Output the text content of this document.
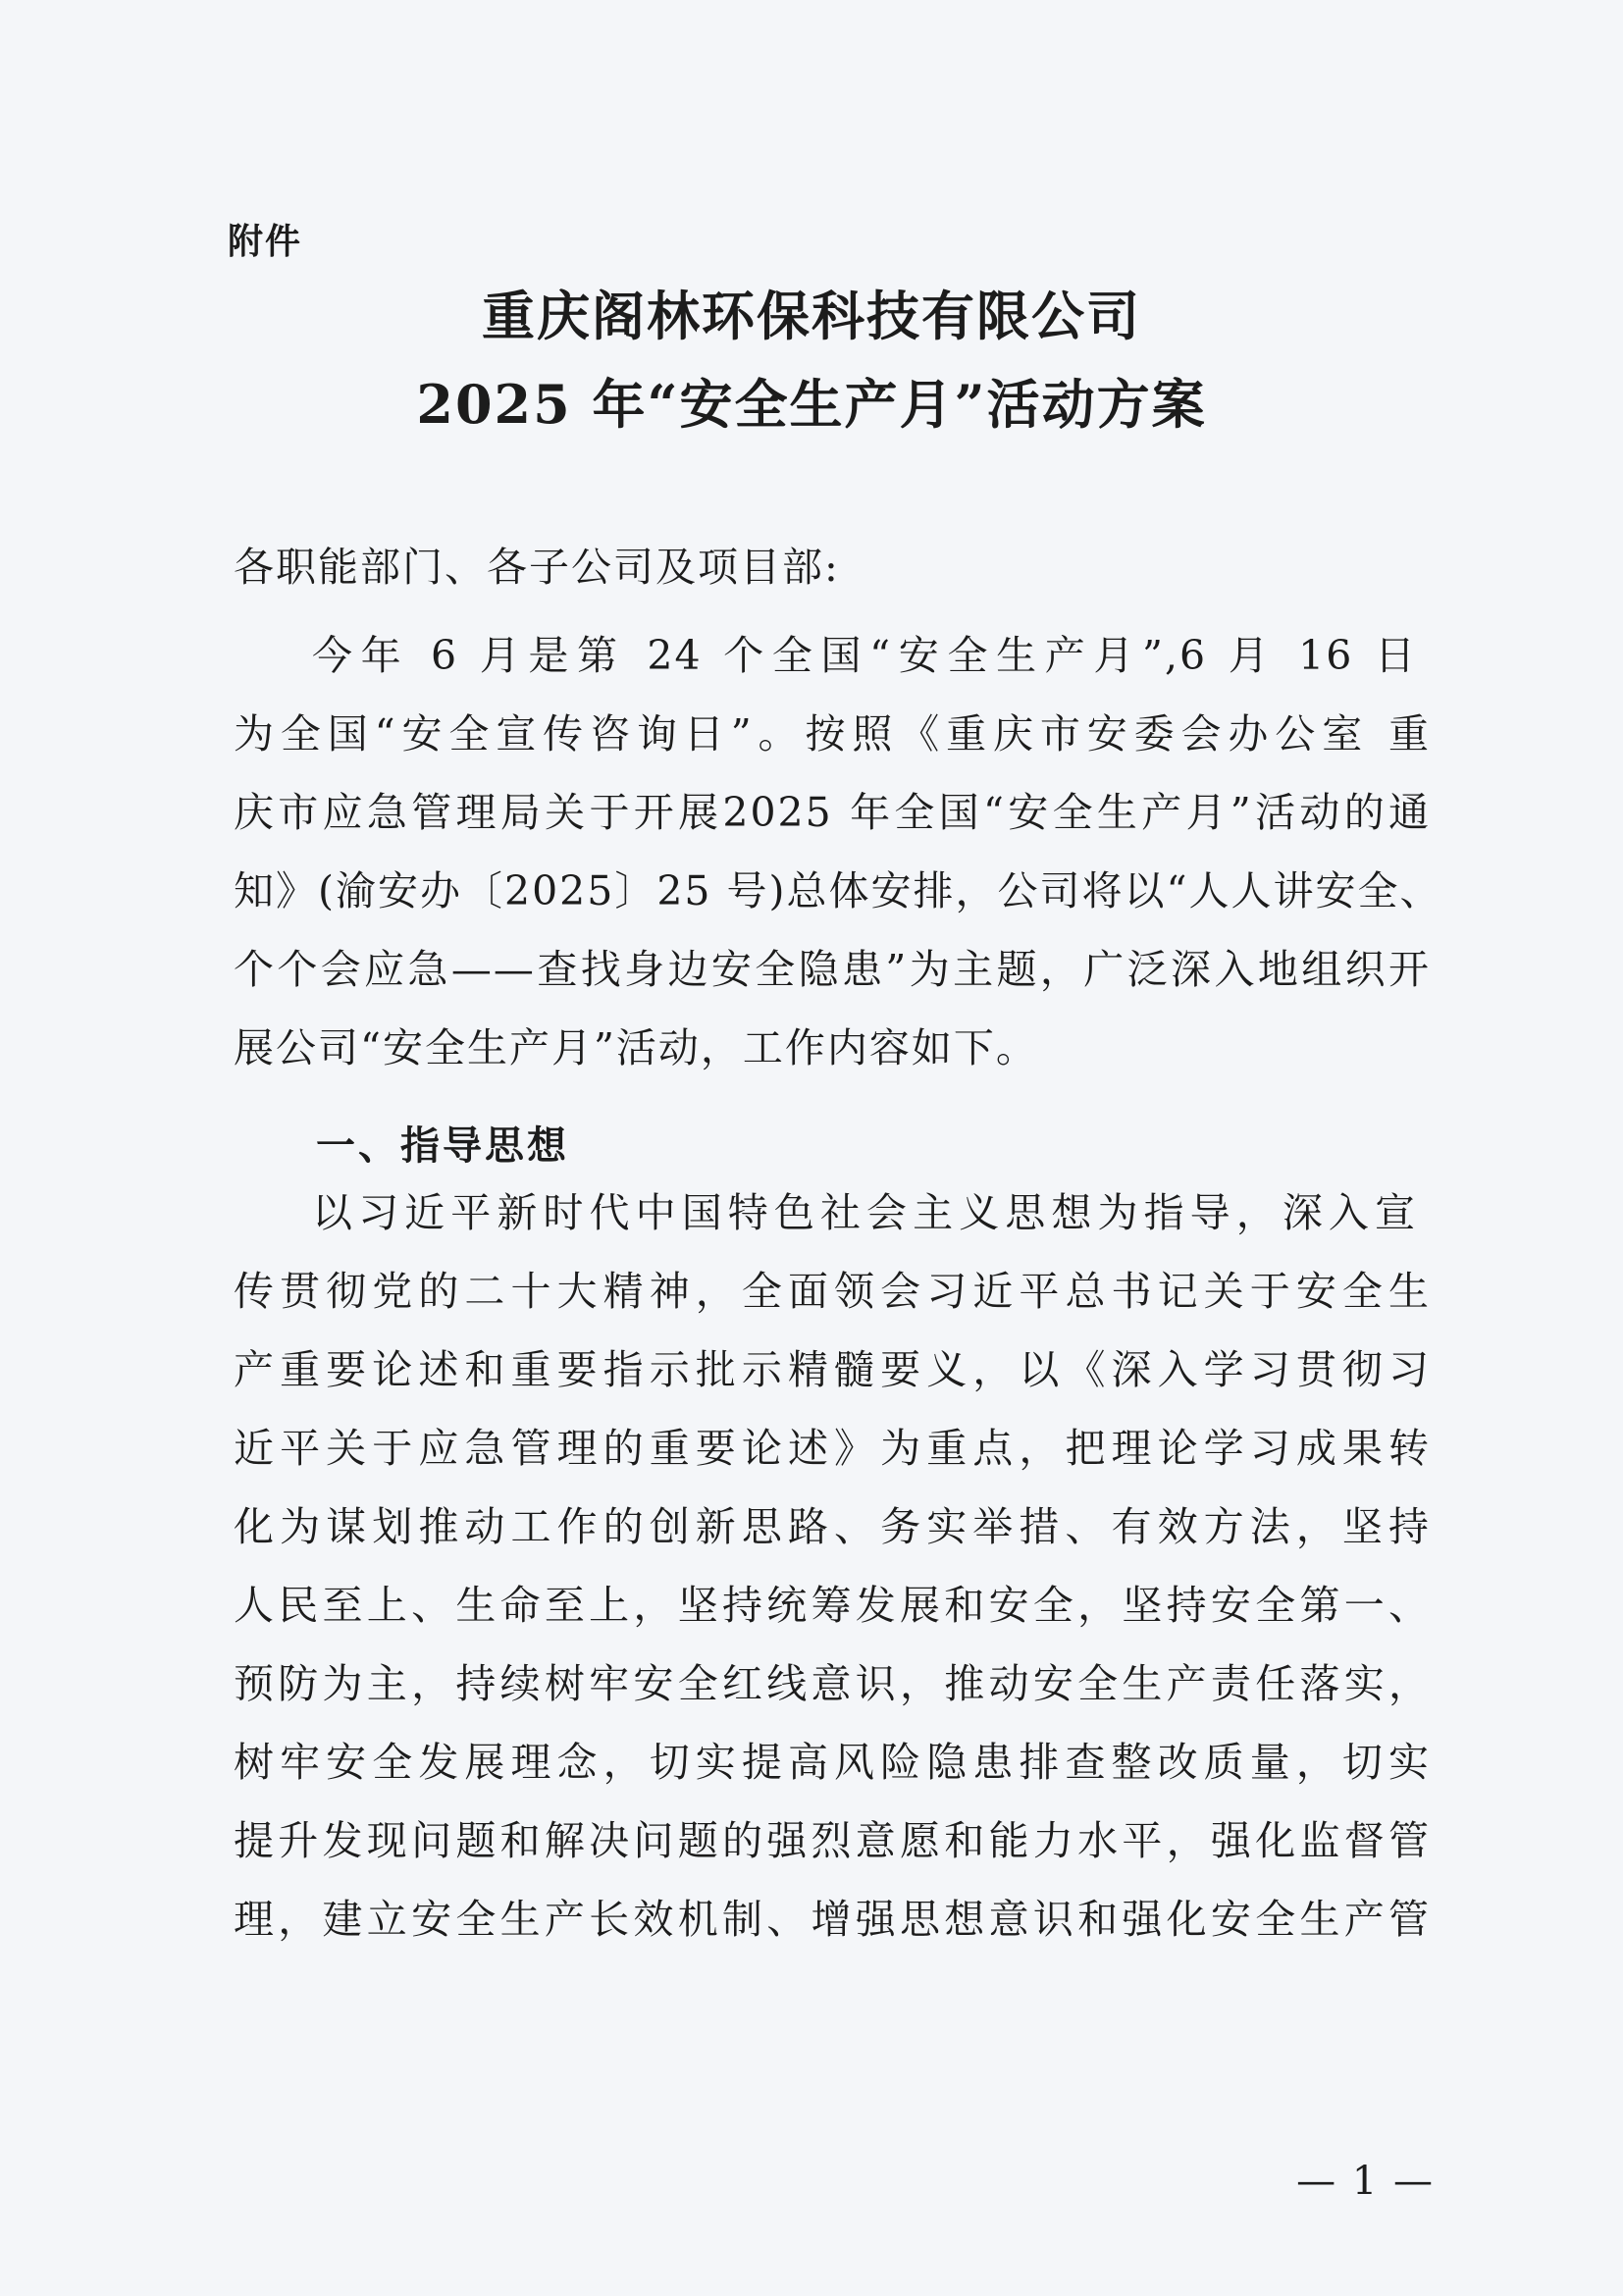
附件
重庆阁林环保科技有限公司
2025 年“安全生产月”活动方案
各职能部门、各子公司及项目部:
今年 6 月是第 24 个全国“安全生产月”,6 月 16 日
为全国“安全宣传咨询日”。按照《重庆市安委会办公室 重
庆市应急管理局关于开展2025 年全国“安全生产月”活动的通
知》(渝安办〔2025〕25 号)总体安排，公司将以“人人讲安全、
个个会应急——查找身边安全隐患”为主题，广泛深入地组织开
展公司“安全生产月”活动，工作内容如下。
一、指导思想
以习近平新时代中国特色社会主义思想为指导，深入宣
传贯彻党的二十大精神，全面领会习近平总书记关于安全生
产重要论述和重要指示批示精髓要义，以《深入学习贯彻习
近平关于应急管理的重要论述》为重点，把理论学习成果转
化为谋划推动工作的创新思路、务实举措、有效方法，坚持
人民至上、生命至上，坚持统筹发展和安全，坚持安全第一、
预防为主，持续树牢安全红线意识，推动安全生产责任落实，
树牢安全发展理念，切实提高风险隐患排查整改质量，切实
提升发现问题和解决问题的强烈意愿和能力水平，强化监督管
理，建立安全生产长效机制、增强思想意识和强化安全生产管
— 1 —
